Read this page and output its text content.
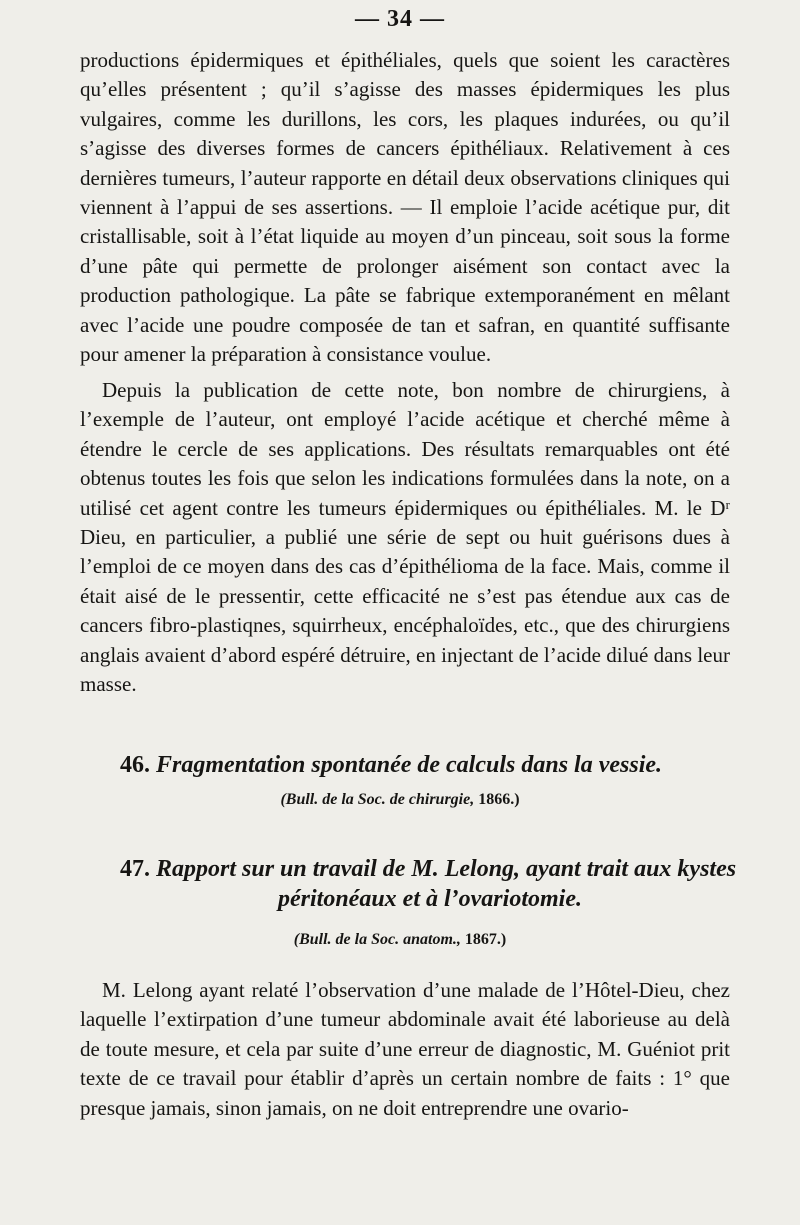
— 34 —

productions épidermiques et épithéliales, quels que soient les caractères qu’elles présentent ; qu’il s’agisse des masses épidermiques les plus vulgaires, comme les durillons, les cors, les plaques indurées, ou qu’il s’agisse des diverses formes de cancers épithéliaux. Relativement à ces dernières tumeurs, l’auteur rapporte en détail deux observations cliniques qui viennent à l’appui de ses assertions. — Il emploie l’acide acétique pur, dit cristallisable, soit à l’état liquide au moyen d’un pinceau, soit sous la forme d’une pâte qui permette de prolonger aisément son contact avec la production pathologique. La pâte se fabrique extemporanément en mêlant avec l’acide une poudre composée de tan et safran, en quantité suffisante pour amener la préparation à consistance voulue.

Depuis la publication de cette note, bon nombre de chirurgiens, à l’exemple de l’auteur, ont employé l’acide acétique et cherché même à étendre le cercle de ses applications. Des résultats remarquables ont été obtenus toutes les fois que selon les indications formulées dans la note, on a utilisé cet agent contre les tumeurs épidermiques ou épithéliales. M. le Dʳ Dieu, en particulier, a publié une série de sept ou huit guérisons dues à l’emploi de ce moyen dans des cas d’épithélioma de la face. Mais, comme il était aisé de le pressentir, cette efficacité ne s’est pas étendue aux cas de cancers fibro-plastiqnes, squirrheux, encéphaloïdes, etc., que des chirurgiens anglais avaient d’abord espéré détruire, en injectant de l’acide dilué dans leur masse.

46. Fragmentation spontanée de calculs dans la vessie.

(Bull. de la Soc. de chirurgie, 1866.)

47. Rapport sur un travail de M. Lelong, ayant trait aux kystes
péritonéaux et à l’ovariotomie.

(Bull. de la Soc. anatom., 1867.)

M. Lelong ayant relaté l’observation d’une malade de l’Hôtel-Dieu, chez laquelle l’extirpation d’une tumeur abdominale avait été laborieuse au delà de toute mesure, et cela par suite d’une erreur de diagnostic, M. Guéniot prit texte de ce travail pour établir d’après un certain nombre de faits : 1° que presque jamais, sinon jamais, on ne doit entreprendre une ovario-
